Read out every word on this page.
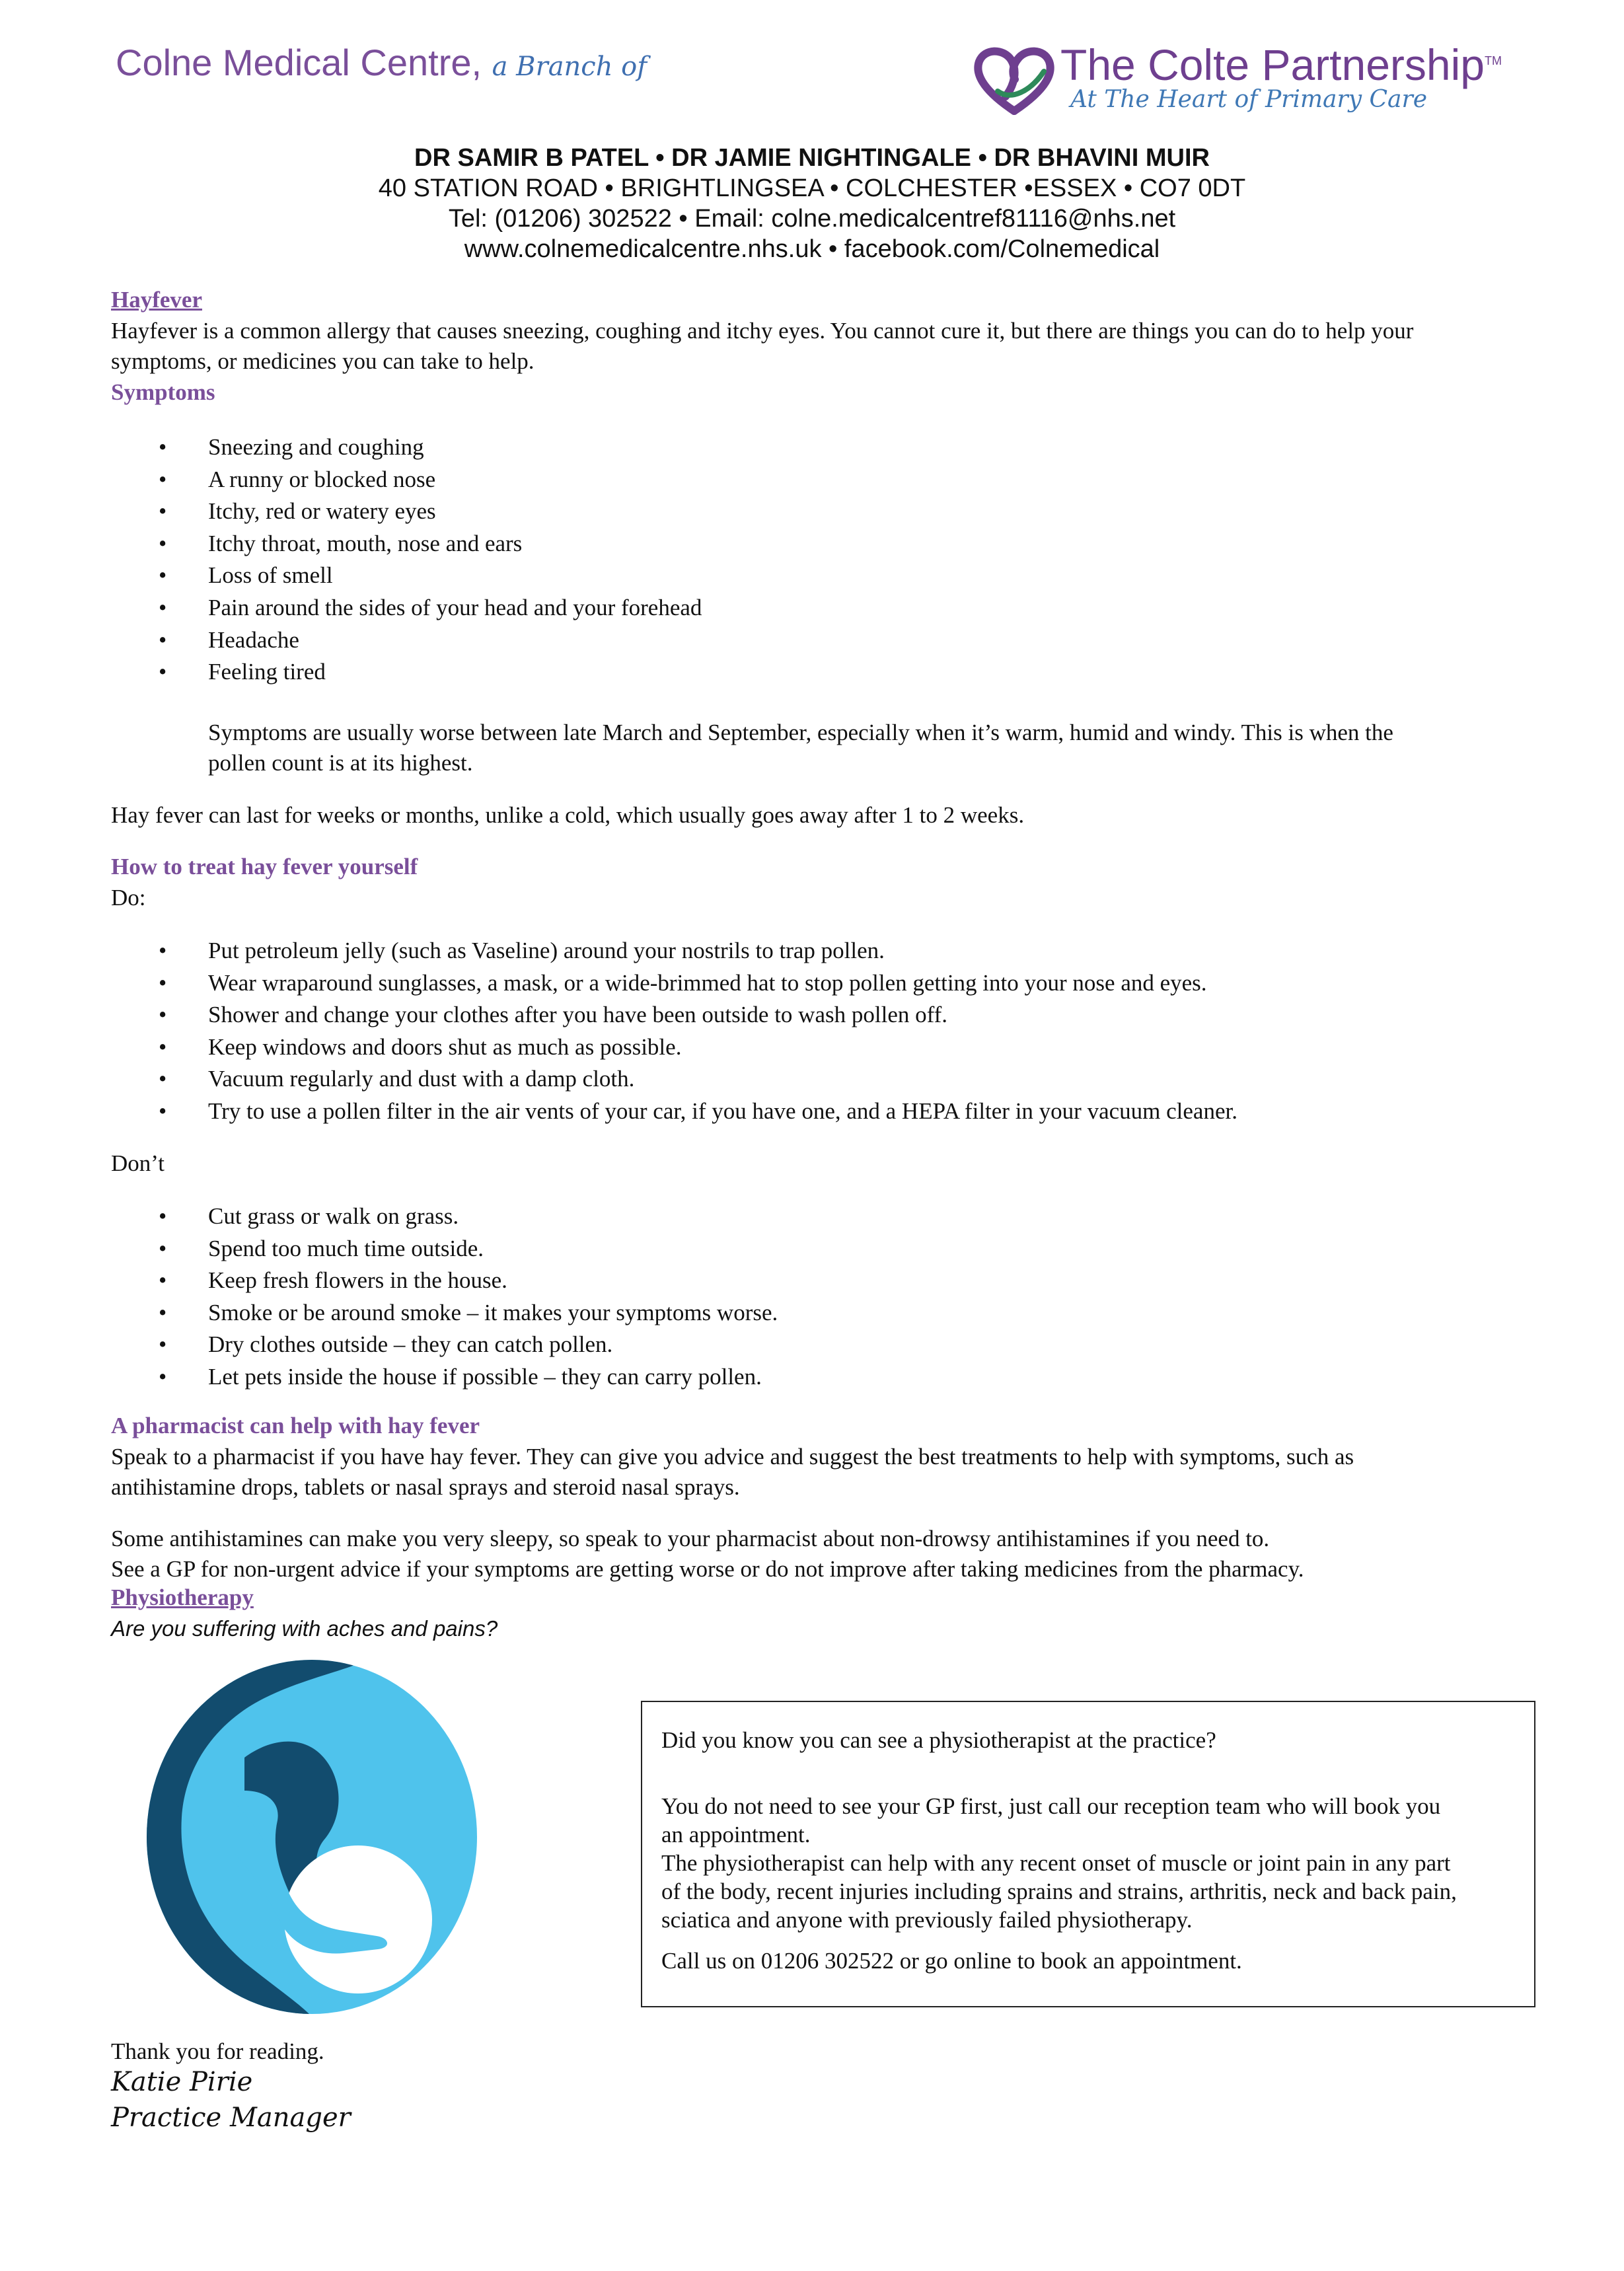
Colne Medical Centre, a Branch of	The Colte Partnership™
At The Heart of Primary Care
DR SAMIR B PATEL • DR JAMIE NIGHTINGALE • DR BHAVINI MUIR
40 STATION ROAD • BRIGHTLINGSEA • COLCHESTER •ESSEX • CO7 0DT
Tel: (01206) 302522 • Email: colne.medicalcentref81116@nhs.net
www.colnemedicalcentre.nhs.uk • facebook.com/Colnemedical
Hayfever
Hayfever is a common allergy that causes sneezing, coughing and itchy eyes. You cannot cure it, but there are things you can do to help your
symptoms, or medicines you can take to help.
Symptoms
• Sneezing and coughing
• A runny or blocked nose
• Itchy, red or watery eyes
• Itchy throat, mouth, nose and ears
• Loss of smell
• Pain around the sides of your head and your forehead
• Headache
• Feeling tired
Symptoms are usually worse between late March and September, especially when it’s warm, humid and windy. This is when the
pollen count is at its highest.
Hay fever can last for weeks or months, unlike a cold, which usually goes away after 1 to 2 weeks.
How to treat hay fever yourself
Do:
• Put petroleum jelly (such as Vaseline) around your nostrils to trap pollen.
• Wear wraparound sunglasses, a mask, or a wide-brimmed hat to stop pollen getting into your nose and eyes.
• Shower and change your clothes after you have been outside to wash pollen off.
• Keep windows and doors shut as much as possible.
• Vacuum regularly and dust with a damp cloth.
• Try to use a pollen filter in the air vents of your car, if you have one, and a HEPA filter in your vacuum cleaner.
Don’t
• Cut grass or walk on grass.
• Spend too much time outside.
• Keep fresh flowers in the house.
• Smoke or be around smoke – it makes your symptoms worse.
• Dry clothes outside – they can catch pollen.
• Let pets inside the house if possible – they can carry pollen.
A pharmacist can help with hay fever
Speak to a pharmacist if you have hay fever. They can give you advice and suggest the best treatments to help with symptoms, such as
antihistamine drops, tablets or nasal sprays and steroid nasal sprays.
Some antihistamines can make you very sleepy, so speak to your pharmacist about non-drowsy antihistamines if you need to.
See a GP for non-urgent advice if your symptoms are getting worse or do not improve after taking medicines from the pharmacy.
Physiotherapy
Are you suffering with aches and pains?
Did you know you can see a physiotherapist at the practice?
You do not need to see your GP first, just call our reception team who will book you
an appointment.
The physiotherapist can help with any recent onset of muscle or joint pain in any part
of the body, recent injuries including sprains and strains, arthritis, neck and back pain,
sciatica and anyone with previously failed physiotherapy.
Call us on 01206 302522 or go online to book an appointment.
Thank you for reading.
Katie Pirie
Practice Manager
